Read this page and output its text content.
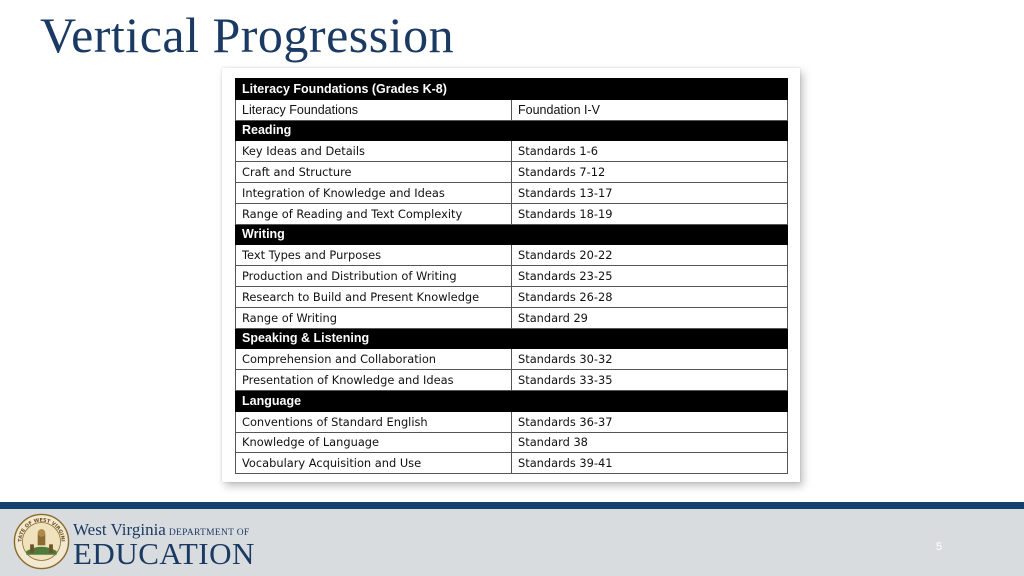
Vertical Progression
Literacy Foundations (Grades K-8)	
Literacy Foundations	Foundation I-V
Reading	
Key Ideas and Details	Standards 1-6
Craft and Structure	Standards 7-12
Integration of Knowledge and Ideas	Standards 13-17
Range of Reading and Text Complexity	Standards 18-19
Writing	
Text Types and Purposes	Standards 20-22
Production and Distribution of Writing	Standards 23-25
Research to Build and Present Knowledge	Standards 26-28
Range of Writing	Standard 29
Speaking & Listening	
Comprehension and Collaboration	Standards 30-32
Presentation of Knowledge and Ideas	Standards 33-35
Language	
Conventions of Standard English	Standards 36-37
Knowledge of Language	Standard 38
Vocabulary Acquisition and Use	Standards 39-41
TATE OF WEST VIRGINI
West Virginia DEPARTMENT OF
EDUCATION	5
